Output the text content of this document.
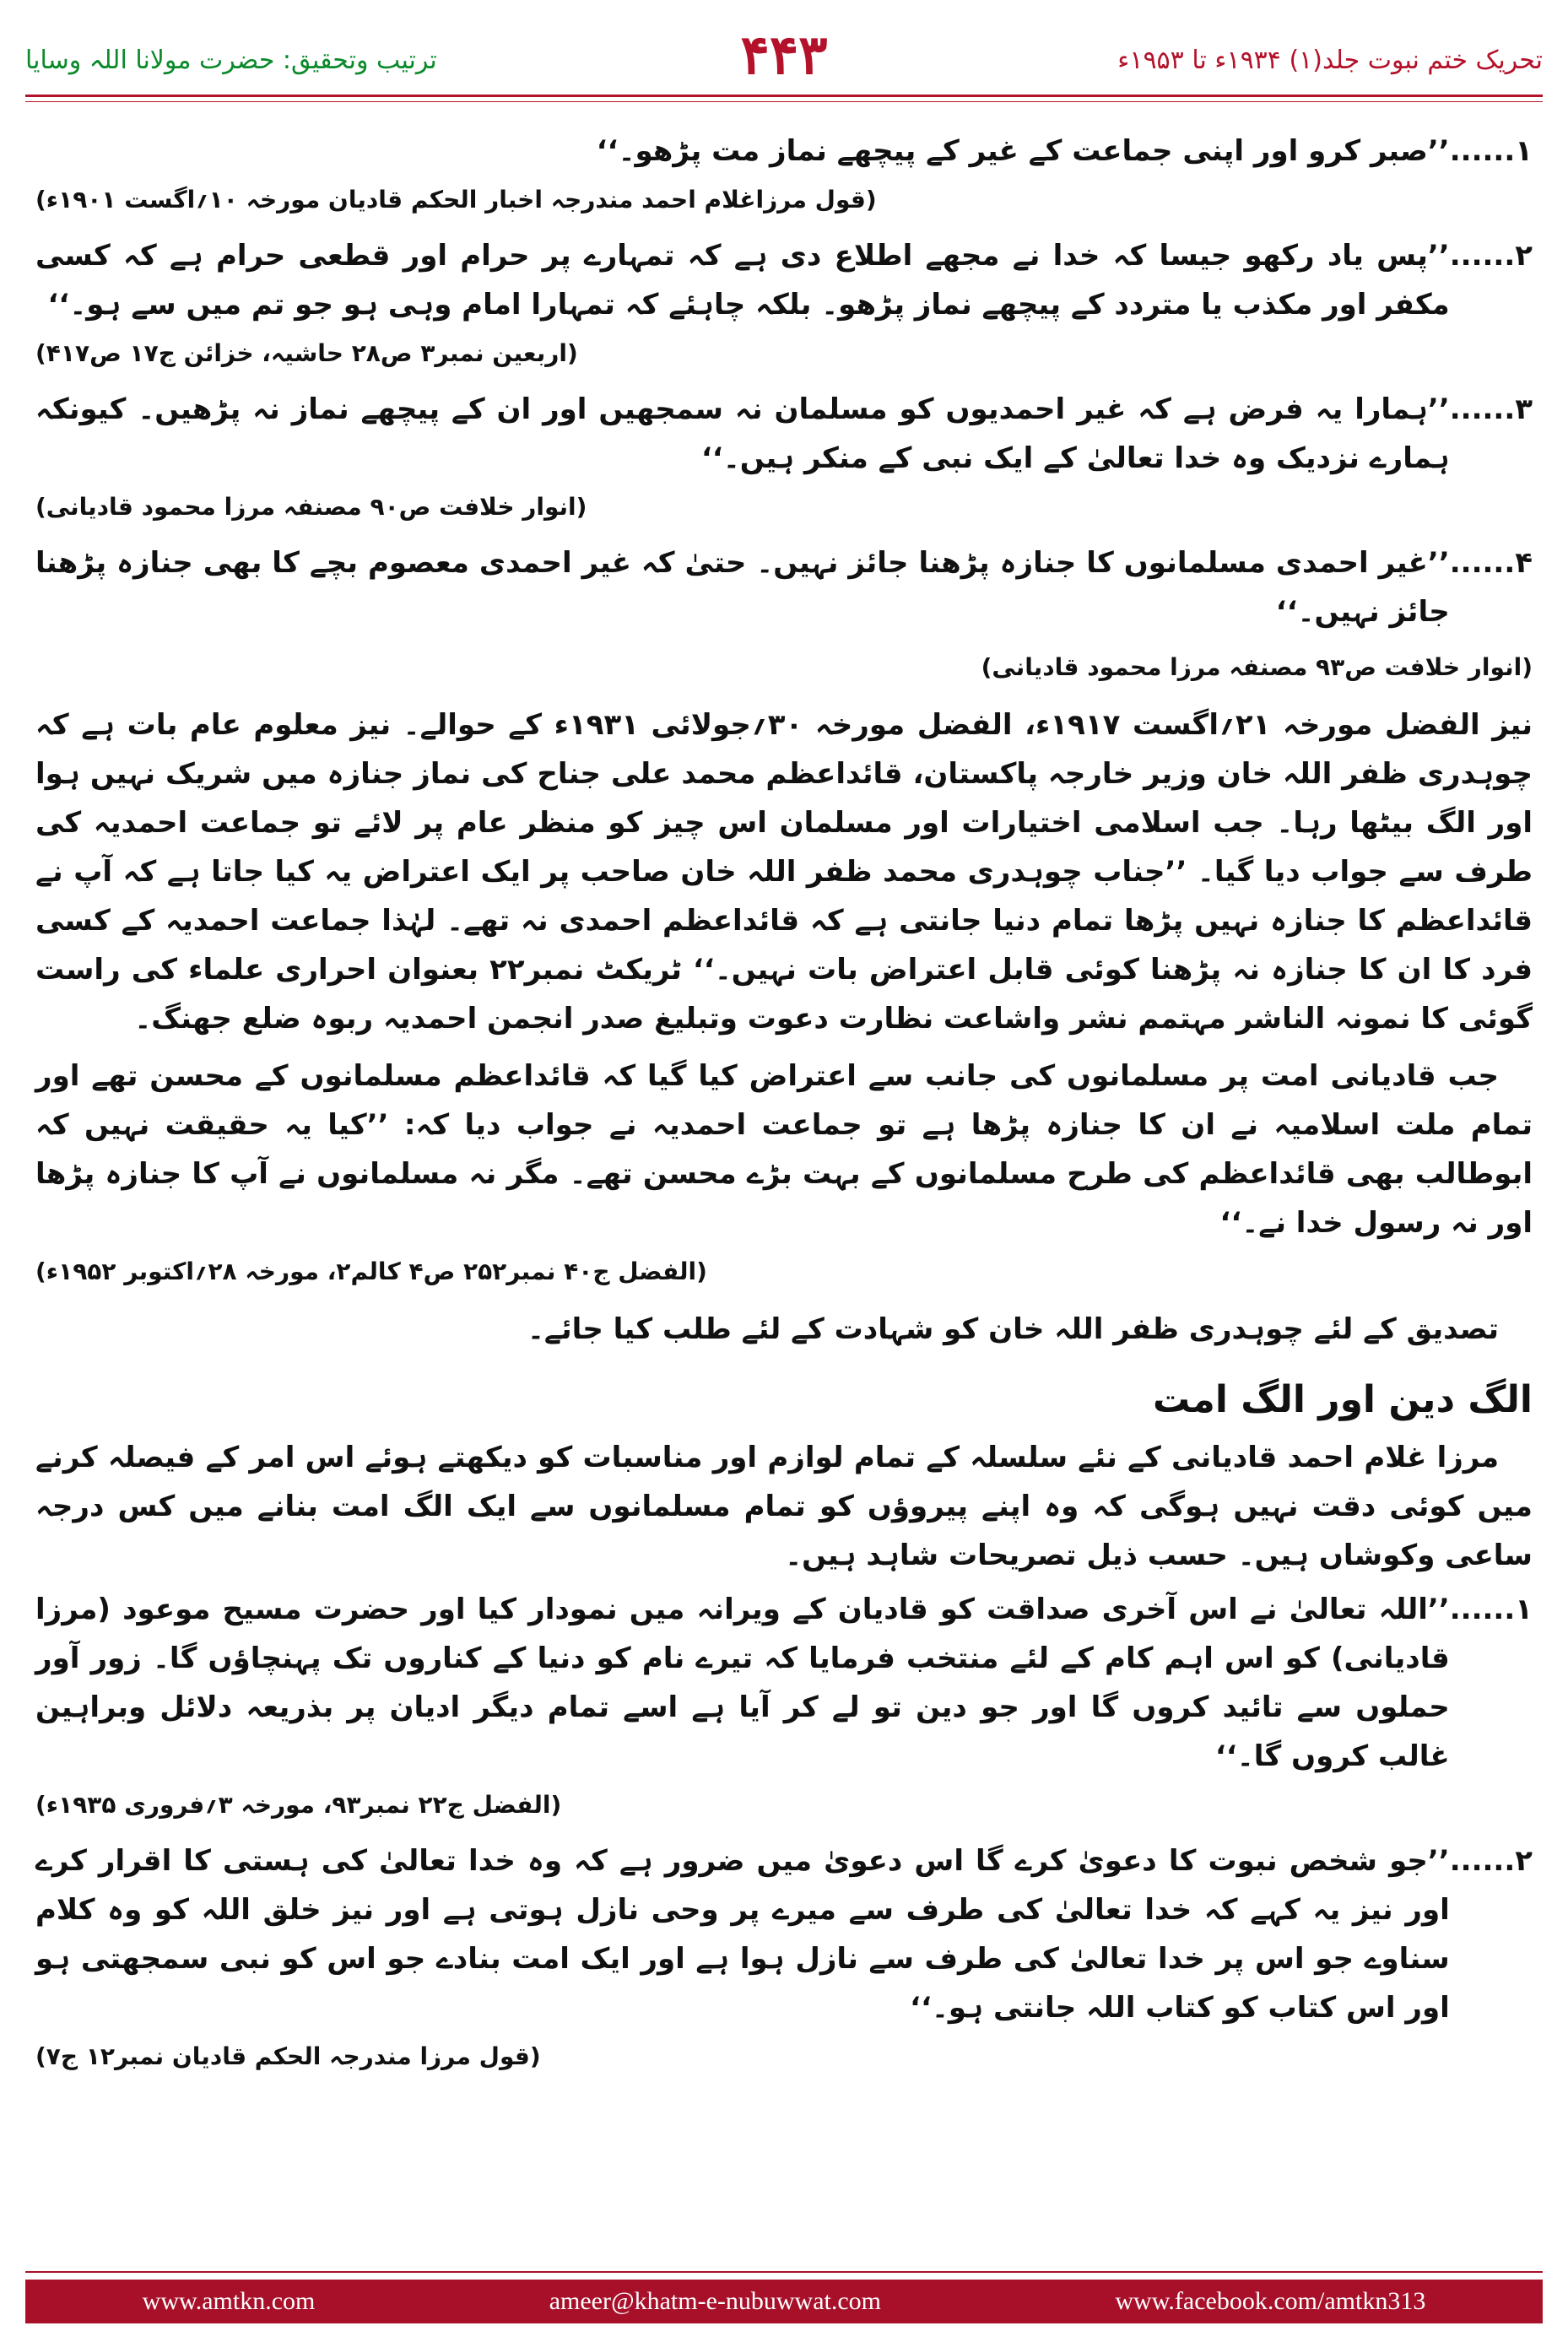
ترتیب وتحقیق: حضرت مولانا اللہ وسایا	۴۴۳	تحریک ختم نبوت جلد(۱) ۱۹۳۴ء تا ۱۹۵۳ء
۱......
’’صبر کرو اور اپنی جماعت کے غیر کے پیچھے نماز مت پڑھو۔‘‘
(قول مرزاغلام احمد مندرجہ اخبار الحکم قادیان مورخہ ۱۰؍اگست ۱۹۰۱ء)
۲......
’’پس یاد رکھو جیسا کہ خدا نے مجھے اطلاع دی ہے کہ تمہارے پر حرام اور قطعی حرام ہے کہ کسی مکفر اور مکذب یا متردد کے پیچھے نماز پڑھو۔ بلکہ چاہئے کہ تمہارا امام وہی ہو جو تم میں سے ہو۔‘‘
(اربعین نمبر۳ ص۲۸ حاشیہ، خزائن ج۱۷ ص۴۱۷)
۳......
’’ہمارا یہ فرض ہے کہ غیر احمدیوں کو مسلمان نہ سمجھیں اور ان کے پیچھے نماز نہ پڑھیں۔ کیونکہ ہمارے نزدیک وہ خدا تعالیٰ کے ایک نبی کے منکر ہیں۔‘‘
(انوار خلافت ص۹۰ مصنفہ مرزا محمود قادیانی)
۴......
’’غیر احمدی مسلمانوں کا جنازہ پڑھنا جائز نہیں۔ حتیٰ کہ غیر احمدی معصوم بچے کا بھی جنازہ پڑھنا جائز نہیں۔‘‘
(انوار خلافت ص۹۳ مصنفہ مرزا محمود قادیانی)

نیز الفضل مورخہ ۲۱؍اگست ۱۹۱۷ء، الفضل مورخہ ۳۰؍جولائی ۱۹۳۱ء کے حوالے۔ نیز معلوم عام بات ہے کہ چوہدری ظفر اللہ خان وزیر خارجہ پاکستان، قائداعظم محمد علی جناح کی نماز جنازہ میں شریک نہیں ہوا اور الگ بیٹھا رہا۔ جب اسلامی اختیارات اور مسلمان اس چیز کو منظر عام پر لائے تو جماعت احمدیہ کی طرف سے جواب دیا گیا۔ ’’جناب چوہدری محمد ظفر اللہ خان صاحب پر ایک اعتراض یہ کیا جاتا ہے کہ آپ نے قائداعظم کا جنازہ نہیں پڑھا تمام دنیا جانتی ہے کہ قائداعظم احمدی نہ تھے۔ لہٰذا جماعت احمدیہ کے کسی فرد کا ان کا جنازہ نہ پڑھنا کوئی قابل اعتراض بات نہیں۔‘‘ ٹریکٹ نمبر۲۲ بعنوان احراری علماء کی راست گوئی کا نمونہ الناشر مہتمم نشر واشاعت نظارت دعوت وتبلیغ صدر انجمن احمدیہ ربوہ ضلع جھنگ۔

جب قادیانی امت پر مسلمانوں کی جانب سے اعتراض کیا گیا کہ قائداعظم مسلمانوں کے محسن تھے اور تمام ملت اسلامیہ نے ان کا جنازہ پڑھا ہے تو جماعت احمدیہ نے جواب دیا کہ: ’’کیا یہ حقیقت نہیں کہ ابوطالب بھی قائداعظم کی طرح مسلمانوں کے بہت بڑے محسن تھے۔ مگر نہ مسلمانوں نے آپ کا جنازہ پڑھا اور نہ رسول خدا نے۔‘‘
(الفضل ج۴۰ نمبر۲۵۲ ص۴ کالم۲، مورخہ ۲۸؍اکتوبر ۱۹۵۲ء)

تصدیق کے لئے چوہدری ظفر اللہ خان کو شہادت کے لئے طلب کیا جائے۔

الگ دین اور الگ امت

مرزا غلام احمد قادیانی کے نئے سلسلہ کے تمام لوازم اور مناسبات کو دیکھتے ہوئے اس امر کے فیصلہ کرنے میں کوئی دقت نہیں ہوگی کہ وہ اپنے پیروؤں کو تمام مسلمانوں سے ایک الگ امت بنانے میں کس درجہ ساعی وکوشاں ہیں۔ حسب ذیل تصریحات شاہد ہیں۔

۱......
’’اللہ تعالیٰ نے اس آخری صداقت کو قادیان کے ویرانہ میں نمودار کیا اور حضرت مسیح موعود (مرزا قادیانی) کو اس اہم کام کے لئے منتخب فرمایا کہ تیرے نام کو دنیا کے کناروں تک پہنچاؤں گا۔ زور آور حملوں سے تائید کروں گا اور جو دین تو لے کر آیا ہے اسے تمام دیگر ادیان پر بذریعہ دلائل وبراہین غالب کروں گا۔‘‘
(الفضل ج۲۲ نمبر۹۳، مورخہ ۳؍فروری ۱۹۳۵ء)
۲......
’’جو شخص نبوت کا دعویٰ کرے گا اس دعویٰ میں ضرور ہے کہ وہ خدا تعالیٰ کی ہستی کا اقرار کرے اور نیز یہ کہے کہ خدا تعالیٰ کی طرف سے میرے پر وحی نازل ہوتی ہے اور نیز خلق اللہ کو وہ کلام سناوے جو اس پر خدا تعالیٰ کی طرف سے نازل ہوا ہے اور ایک امت بنادے جو اس کو نبی سمجھتی ہو اور اس کتاب کو کتاب اللہ جانتی ہو۔‘‘
(قول مرزا مندرجہ الحکم قادیان نمبر۱۲ ج۷)
www.amtkn.com	ameer@khatm-e-nubuwwat.com	www.facebook.com/amtkn313
